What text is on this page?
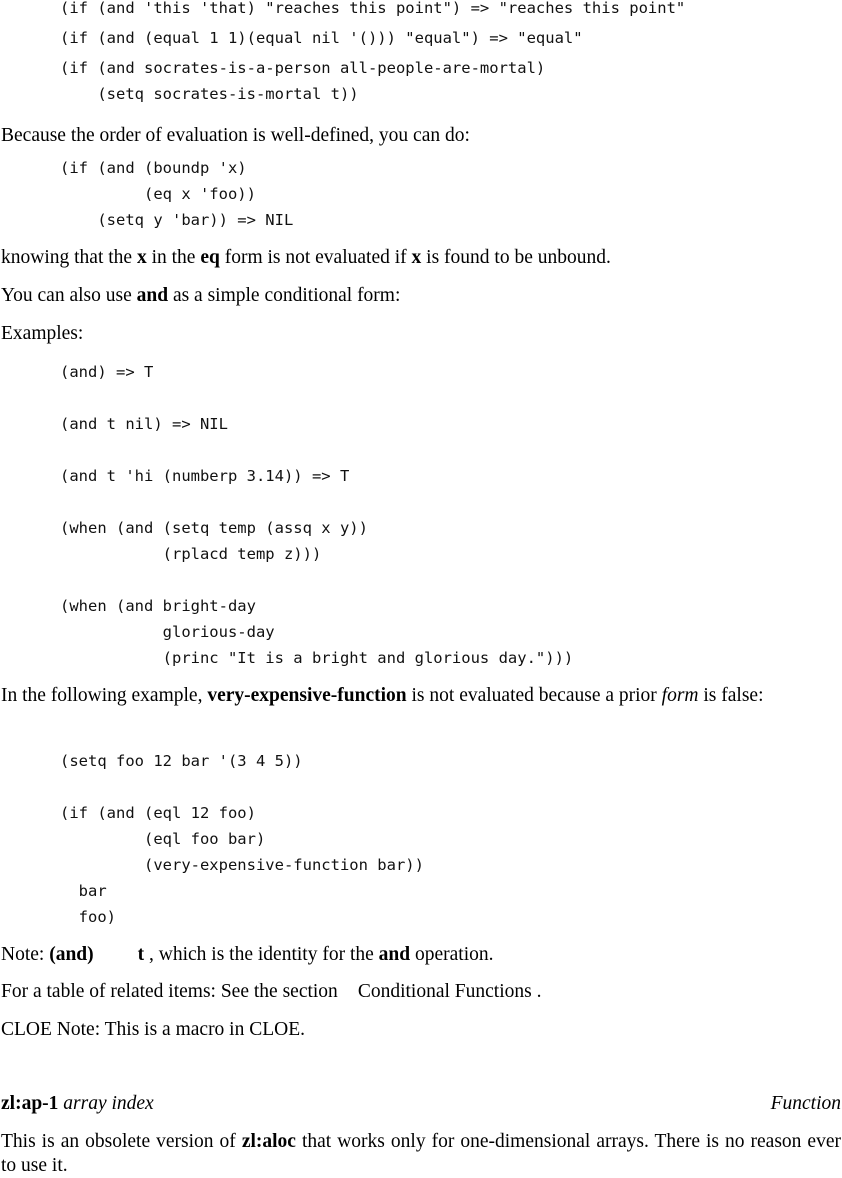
(if (and 'this 'that) "reaches this point") => "reaches this point"

(if (and (equal 1 1)(equal nil '())) "equal") => "equal"

(if (and socrates-is-a-person all-people-are-mortal)
(setq socrates-is-mortal t))

Because the order of evaluation is well-defined, you can do:

(if (and (boundp 'x)
(eq x 'foo))
(setq y 'bar)) => NIL

knowing that the x in the eq form is not evaluated if x is found to be unbound.

You can also use and as a simple conditional form:

Examples:

(and) => T

(and t nil) => NIL

(and t 'hi (numberp 3.14)) => T

(when (and (setq temp (assq x y))
(rplacd temp z)))

(when (and bright-day
glorious-day
(princ "It is a bright and glorious day.")))

In the following example, very-expensive-function is not evaluated because a prior form is false:

(setq foo 12 bar '(3 4 5))

(if (and (eql 12 foo)
(eql foo bar)
(very-expensive-function bar))
bar
foo)

Note: (and) t , which is the identity for the and operation.

For a table of related items: See the section Conditional Functions .

CLOE Note: This is a macro in CLOE.

zl:ap-1 array index	Function

This is an obsolete version of zl:aloc that works only for one-dimensional arrays. There is no reason ever to use it.
